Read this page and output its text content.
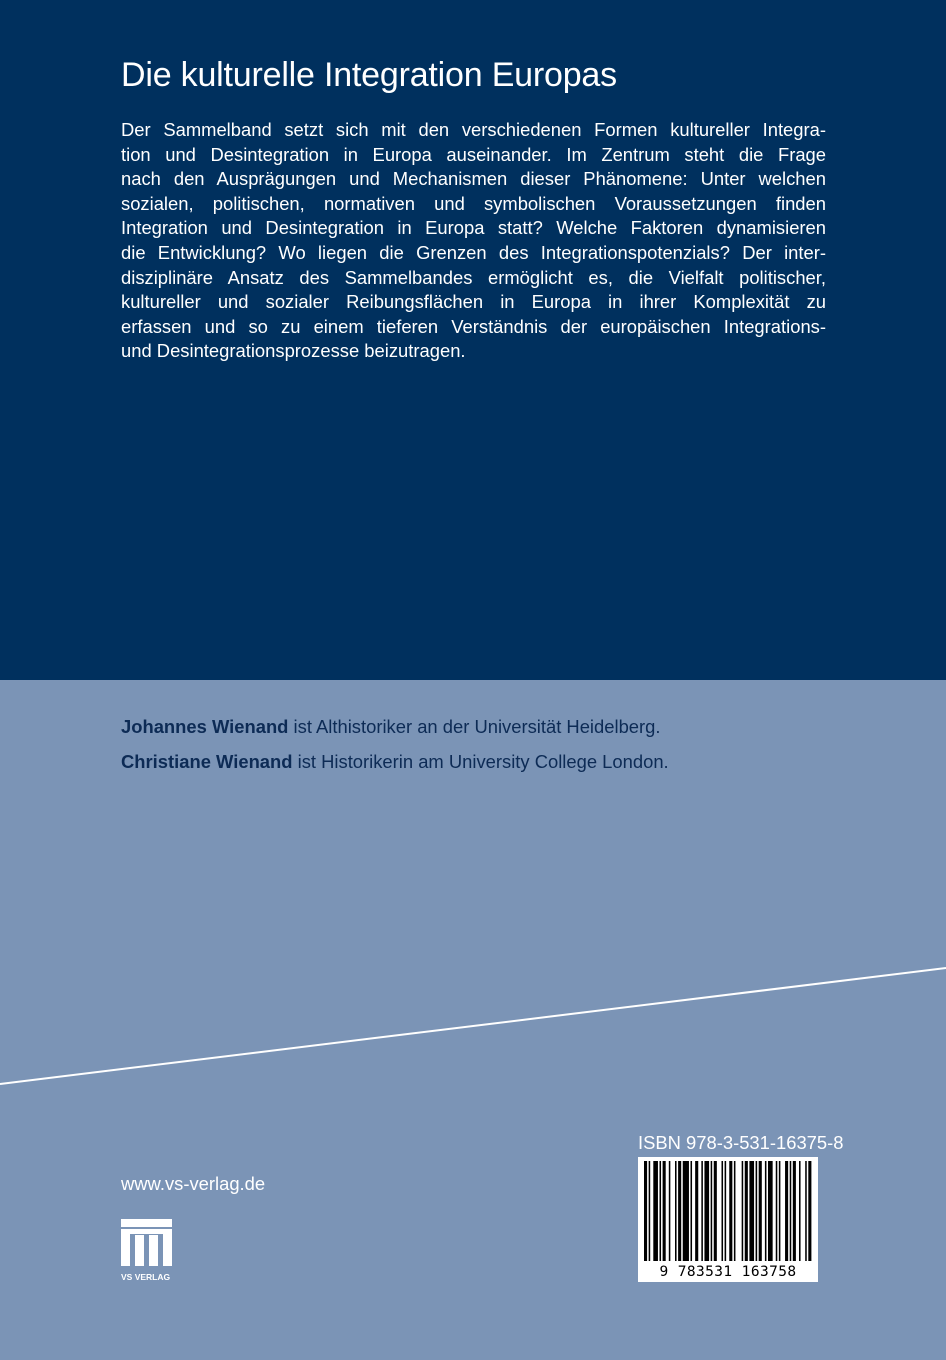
Die kulturelle Integration Europas
Der Sammelband setzt sich mit den verschiedenen Formen kultureller Integra-
tion und Desintegration in Europa auseinander. Im Zentrum steht die Frage
nach den Ausprägungen und Mechanismen dieser Phänomene: Unter welchen
sozialen, politischen, normativen und symbolischen Voraussetzungen finden
Integration und Desintegration in Europa statt? Welche Faktoren dynamisieren
die Entwicklung? Wo liegen die Grenzen des Integrationspotenzials? Der inter-
disziplinäre Ansatz des Sammelbandes ermöglicht es, die Vielfalt politischer,
kultureller und sozialer Reibungsflächen in Europa in ihrer Komplexität zu
erfassen und so zu einem tieferen Verständnis der europäischen Integrations-
und Desintegrationsprozesse beizutragen.
Johannes Wienand ist Althistoriker an der Universität Heidelberg.
Christiane Wienand ist Historikerin am University College London.
www.vs-verlag.de
VS VERLAG
ISBN 978-3-531-16375-8
9 783531 163758
